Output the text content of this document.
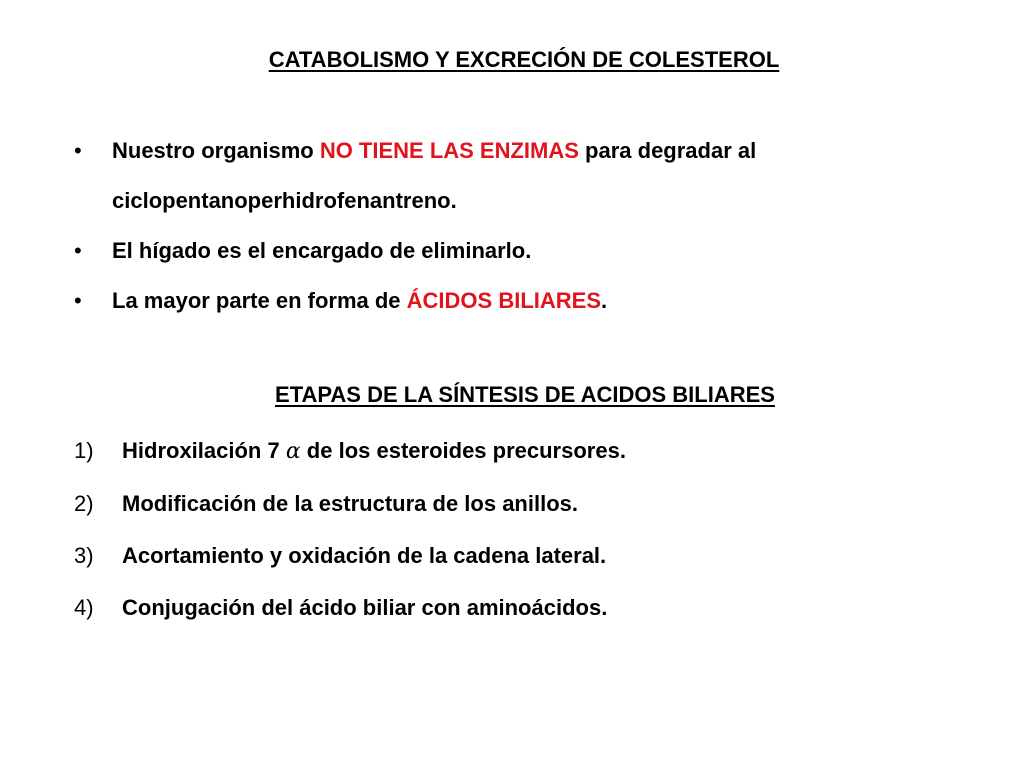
CATABOLISMO Y EXCRECIÓN DE COLESTEROL
• Nuestro organismo NO TIENE LAS ENZIMAS para degradar al ciclopentanoperhidrofenantreno.
• El hígado es el encargado de eliminarlo.
• La mayor parte en forma de ÁCIDOS BILIARES.
ETAPAS DE LA SÍNTESIS DE ACIDOS BILIARES
1) Hidroxilación 7 α de los esteroides precursores.
2) Modificación de la estructura de los anillos.
3) Acortamiento y oxidación de la cadena lateral.
4) Conjugación del ácido biliar con aminoácidos.
